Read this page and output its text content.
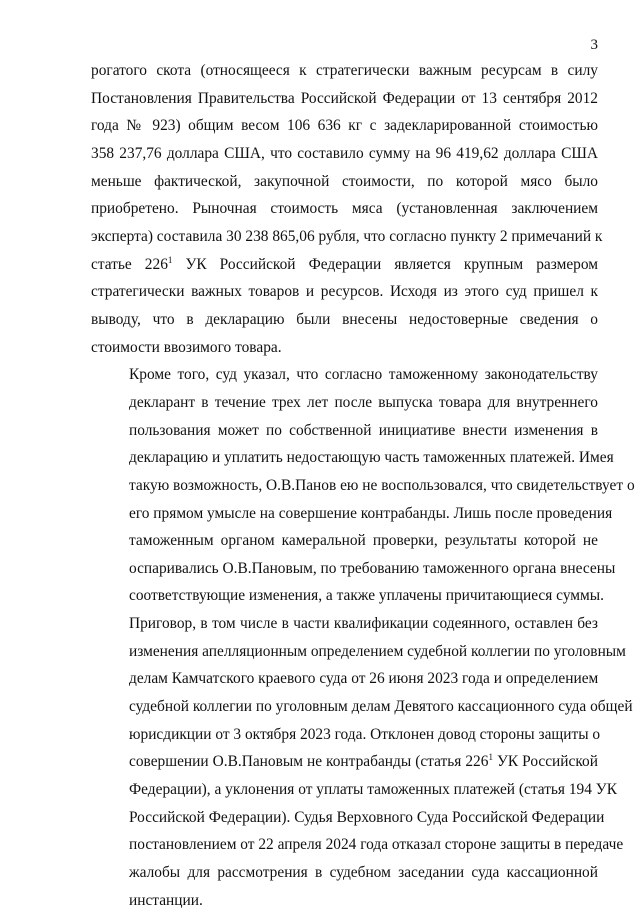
3

рогатого скота (относящееся к стратегически важным ресурсам в силу
Постановления Правительства Российской Федерации от 13 сентября 2012
года № 923) общим весом 106 636 кг с задекларированной стоимостью
358 237,76 доллара США, что составило сумму на 96 419,62 доллара США
меньше фактической, закупочной стоимости, по которой мясо было
приобретено. Рыночная стоимость мяса (установленная заключением
эксперта) составила 30 238 865,06 рубля, что согласно пункту 2 примечаний к
статье $226^1$ УК Российской Федерации является крупным размером
стратегически важных товаров и ресурсов. Исходя из этого суд пришел к
выводу, что в декларацию были внесены недостоверные сведения о
стоимости ввозимого товара.

Кроме того, суд указал, что согласно таможенному законодательству
декларант в течение трех лет после выпуска товара для внутреннего
пользования может по собственной инициативе внести изменения в
декларацию и уплатить недостающую часть таможенных платежей. Имея
такую возможность, О.В.Панов ею не воспользовался, что свидетельствует о
его прямом умысле на совершение контрабанды. Лишь после проведения
таможенным органом камеральной проверки, результаты которой не
оспаривались О.В.Пановым, по требованию таможенного органа внесены
соответствующие изменения, а также уплачены причитающиеся суммы.

Приговор, в том числе в части квалификации содеянного, оставлен без
изменения апелляционным определением судебной коллегии по уголовным
делам Камчатского краевого суда от 26 июня 2023 года и определением
судебной коллегии по уголовным делам Девятого кассационного суда общей
юрисдикции от 3 октября 2023 года. Отклонен довод стороны защиты о
совершении О.В.Пановым не контрабанды (статья $226^1$ УК Российской
Федерации), а уклонения от уплаты таможенных платежей (статья 194 УК
Российской Федерации). Судья Верховного Суда Российской Федерации
постановлением от 22 апреля 2024 года отказал стороне защиты в передаче
жалобы для рассмотрения в судебном заседании суда кассационной
инстанции.
